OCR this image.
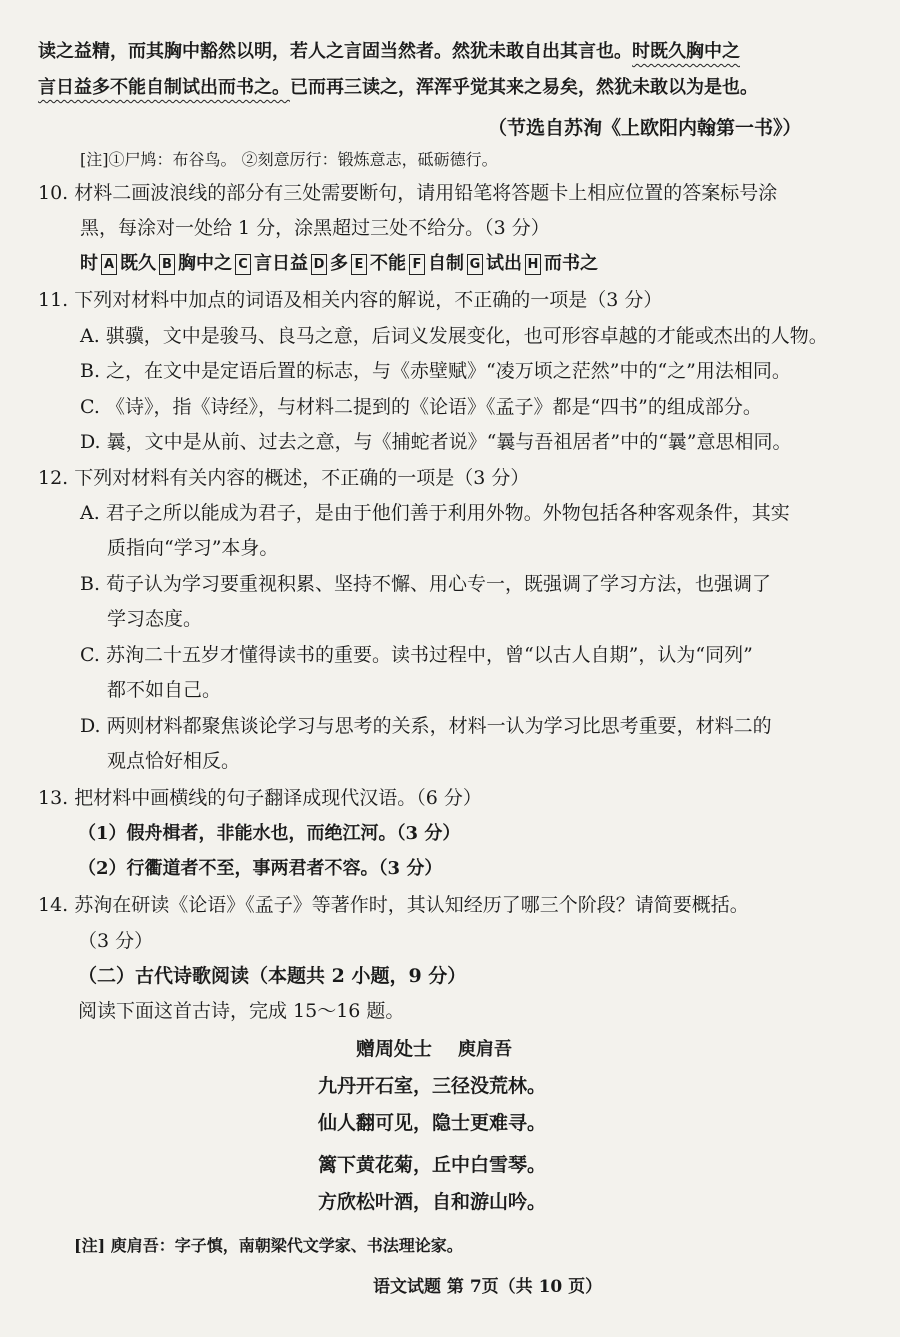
读之益精，而其胸中豁然以明，若人之言固当然者。然犹未敢自出其言也。时既久胸中之
言日益多不能自制试出而书之。已而再三读之，浑浑乎觉其来之易矣，然犹未敢以为是也。
（节选自苏洵《上欧阳内翰第一书》）
[注]①尸鸠：布谷鸟。 ②刻意厉行：锻炼意志，砥砺德行。
10. 材料二画波浪线的部分有三处需要断句，请用铅笔将答题卡上相应位置的答案标号涂
黑，每涂对一处给 1 分，涂黑超过三处不给分。（3 分）
时 A 既久 B 胸中之 C 言日益 D 多 E 不能 F 自制 G 试出 H 而书之
11. 下列对材料中加点的词语及相关内容的解说，不正确的一项是（3 分）
A. 骐骥，文中是骏马、良马之意，后词义发展变化，也可形容卓越的才能或杰出的人物。
B. 之，在文中是定语后置的标志，与《赤壁赋》“凌万顷之茫然”中的“之”用法相同。
C. 《诗》，指《诗经》，与材料二提到的《论语》《孟子》都是“四书”的组成部分。
D. 曩，文中是从前、过去之意，与《捕蛇者说》“曩与吾祖居者”中的“曩”意思相同。
12. 下列对材料有关内容的概述，不正确的一项是（3 分）
A. 君子之所以能成为君子，是由于他们善于利用外物。外物包括各种客观条件，其实
质指向“学习”本身。
B. 荀子认为学习要重视积累、坚持不懈、用心专一，既强调了学习方法，也强调了
学习态度。
C. 苏洵二十五岁才懂得读书的重要。读书过程中，曾“以古人自期”，认为“同列”
都不如自己。
D. 两则材料都聚焦谈论学习与思考的关系，材料一认为学习比思考重要，材料二的
观点恰好相反。
13. 把材料中画横线的句子翻译成现代汉语。（6 分）
（1）假舟楫者，非能水也，而绝江河。（3 分）
（2）行衢道者不至，事两君者不容。（3 分）
14. 苏洵在研读《论语》《孟子》等著作时，其认知经历了哪三个阶段？请简要概括。
（3 分）
（二）古代诗歌阅读（本题共 2 小题，9 分）
阅读下面这首古诗，完成 15～16 题。
赠周处士 庾肩吾
九丹开石室，三径没荒林。
仙人翻可见，隐士更难寻。
篱下黄花菊，丘中白雪琴。
方欣松叶酒，自和游山吟。
[注] 庾肩吾：字子慎，南朝梁代文学家、书法理论家。
语文试题 第 7页（共 10 页）
